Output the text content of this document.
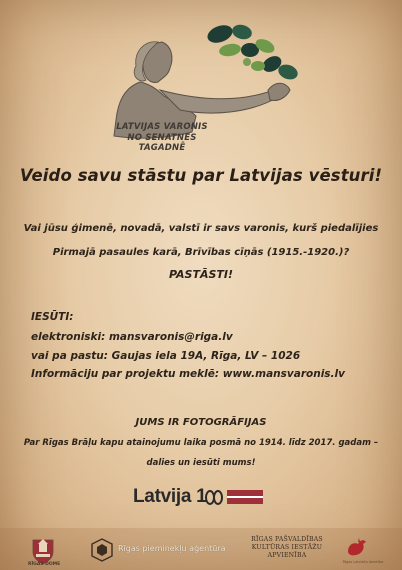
LATVIJAS VARONIS
NO SENATNES TAGADNĒ
Veido savu stāstu par Latvijas vēsturi!
Vai jūsu ģimenē, novadā, valstī ir savs varonis, kurš piedalījies
Pirmajā pasaules karā, Brīvības cīņās (1915.-1920.)?
PASTĀSTI!
IESŪTI:
elektroniski: mansvaronis@riga.lv
vai pa pastu: Gaujas iela 19A, Rīga, LV – 1026
Informāciju par projektu meklē: www.mansvaronis.lv
JUMS IR FOTOGRĀFIJAS
Par Rīgas Brāļu kapu atainojumu laika posmā no 1914. līdz 2017. gadam –
dalies un iesūti mums!
Latvija 1
RĪGAS DOME
Rīgas pieminekļu aģentūra
RĪGAS PAŠVALDĪBAS
KULTŪRAS IESTĀŽU
APVIENĪBA
Rīgas Latviešu biedrība
